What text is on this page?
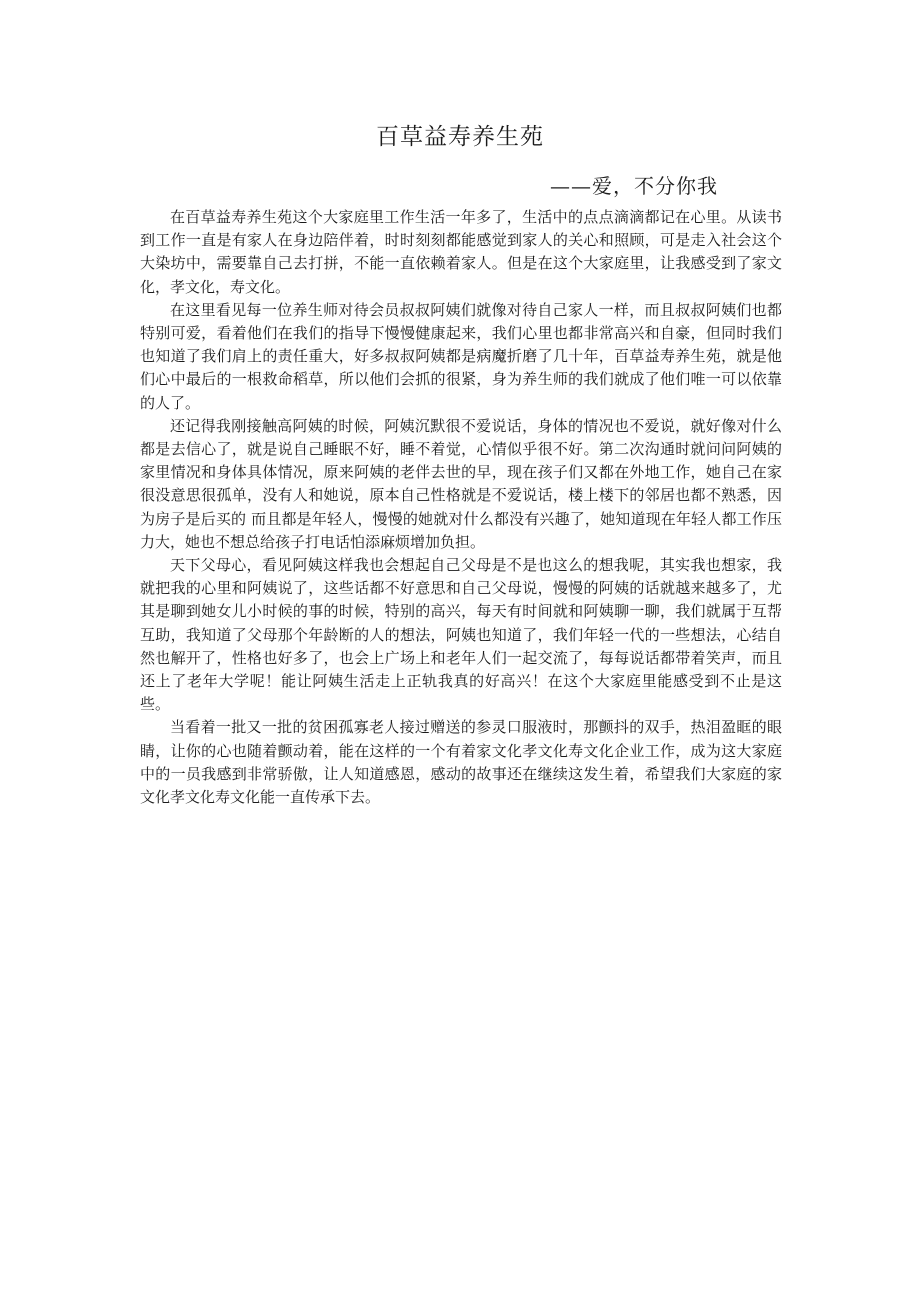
百草益寿养生苑
——爱，不分你我

在百草益寿养生苑这个大家庭里工作生活一年多了，生活中的点点滴滴都记在心里。从读书到工作一直是有家人在身边陪伴着，时时刻刻都能感觉到家人的关心和照顾，可是走入社会这个大染坊中，需要靠自己去打拼，不能一直依赖着家人。但是在这个大家庭里，让我感受到了家文化，孝文化，寿文化。

在这里看见每一位养生师对待会员叔叔阿姨们就像对待自己家人一样，而且叔叔阿姨们也都特别可爱，看着他们在我们的指导下慢慢健康起来，我们心里也都非常高兴和自豪，但同时我们也知道了我们肩上的责任重大，好多叔叔阿姨都是病魔折磨了几十年，百草益寿养生苑，就是他们心中最后的一根救命稻草，所以他们会抓的很紧，身为养生师的我们就成了他们唯一可以依靠的人了。

还记得我刚接触高阿姨的时候，阿姨沉默很不爱说话，身体的情况也不爱说，就好像对什么都是去信心了，就是说自己睡眠不好，睡不着觉，心情似乎很不好。第二次沟通时就问问阿姨的家里情况和身体具体情况，原来阿姨的老伴去世的早，现在孩子们又都在外地工作，她自己在家很没意思很孤单，没有人和她说，原本自己性格就是不爱说话，楼上楼下的邻居也都不熟悉，因为房子是后买的 而且都是年轻人，慢慢的她就对什么都没有兴趣了，她知道现在年轻人都工作压力大，她也不想总给孩子打电话怕添麻烦增加负担。

天下父母心，看见阿姨这样我也会想起自己父母是不是也这么的想我呢，其实我也想家，我就把我的心里和阿姨说了，这些话都不好意思和自己父母说，慢慢的阿姨的话就越来越多了，尤其是聊到她女儿小时候的事的时候，特别的高兴，每天有时间就和阿姨聊一聊，我们就属于互帮互助，我知道了父母那个年龄断的人的想法，阿姨也知道了，我们年轻一代的一些想法，心结自然也解开了，性格也好多了，也会上广场上和老年人们一起交流了，每每说话都带着笑声，而且还上了老年大学呢！能让阿姨生活走上正轨我真的好高兴！在这个大家庭里能感受到不止是这些。

当看着一批又一批的贫困孤寡老人接过赠送的参灵口服液时，那颤抖的双手，热泪盈眶的眼睛，让你的心也随着颤动着，能在这样的一个有着家文化孝文化寿文化企业工作，成为这大家庭中的一员我感到非常骄傲，让人知道感恩，感动的故事还在继续这发生着，希望我们大家庭的家文化孝文化寿文化能一直传承下去。
